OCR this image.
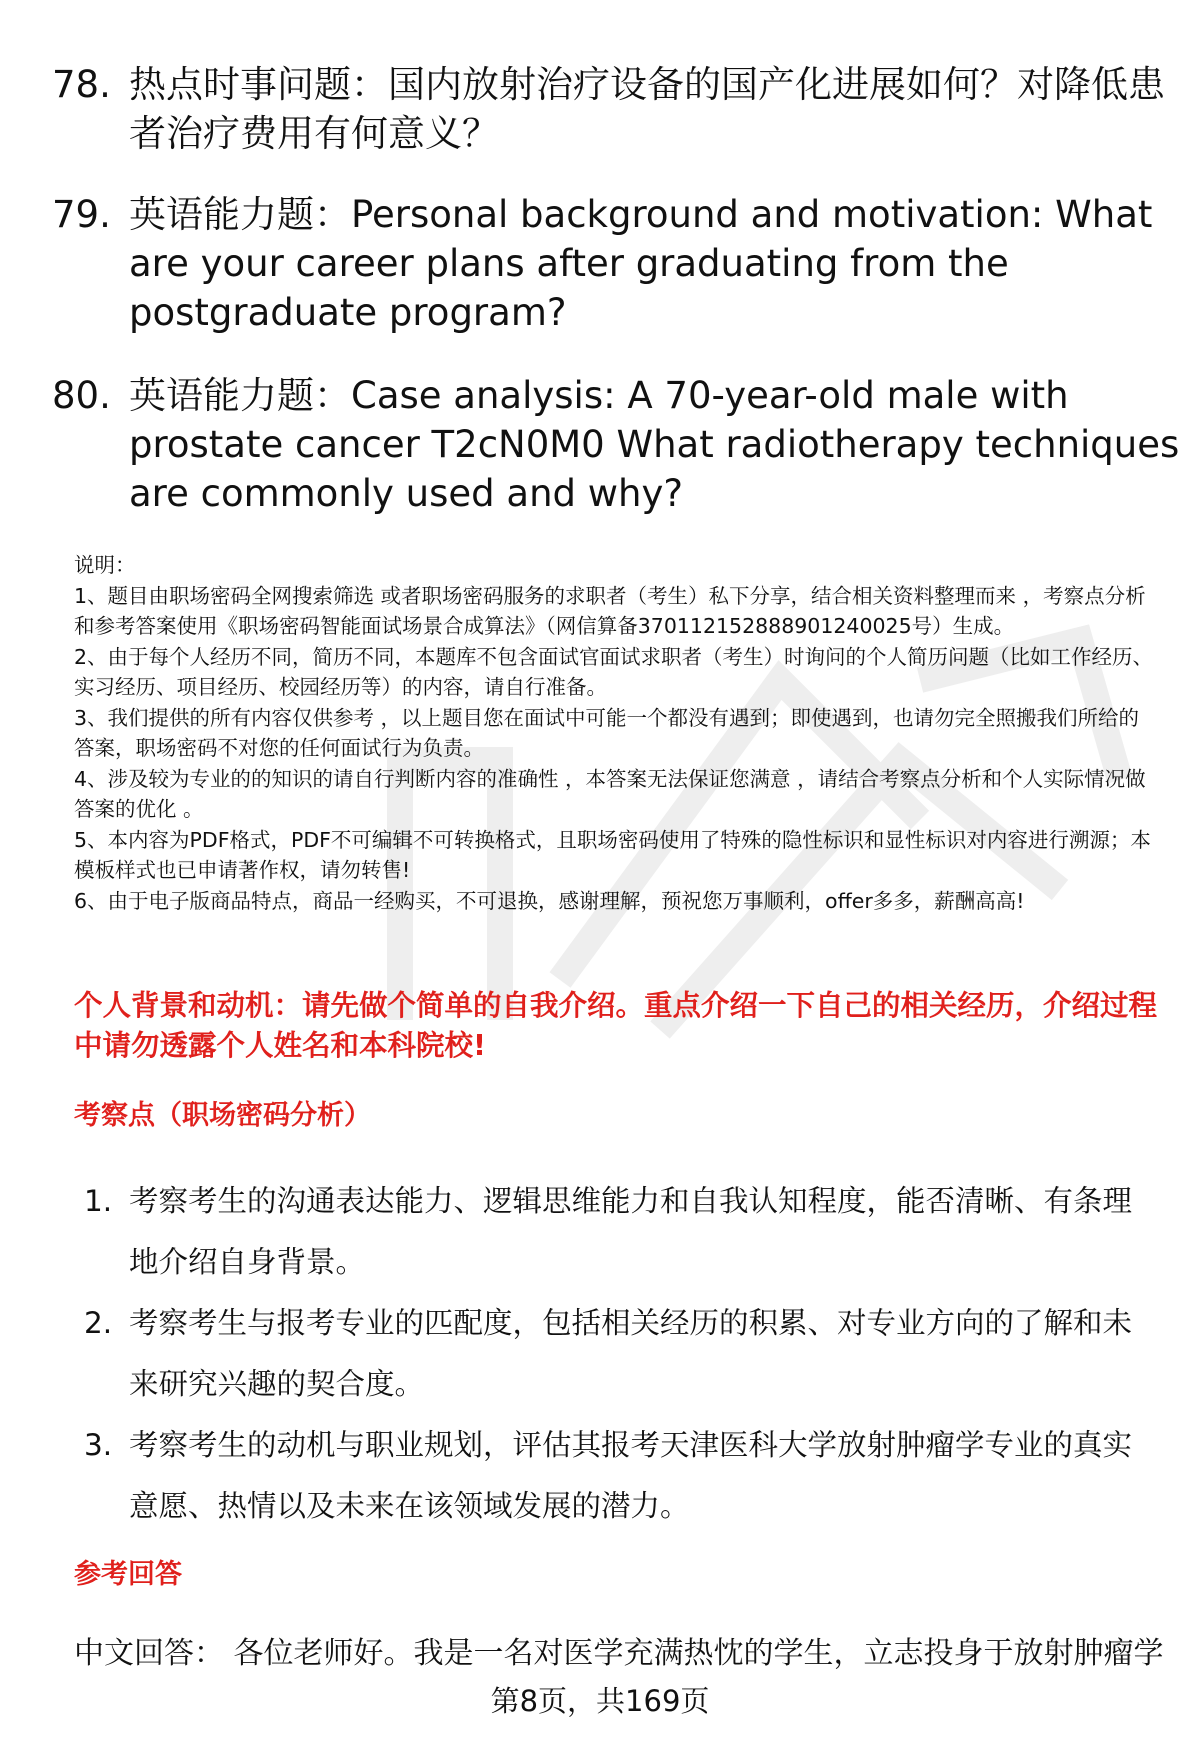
78. 热点时事问题：国内放射治疗设备的国产化进展如何？对降低患者治疗费用有何意义？
79. 英语能力题：Personal background and motivation: What are your career plans after graduating from the postgraduate program?
80. 英语能力题：Case analysis: A 70-year-old male with prostate cancer T2cN0M0 What radiotherapy techniques are commonly used and why?
说明：
1、题目由职场密码全网搜索筛选 或者职场密码服务的求职者（考生）私下分享，结合相关资料整理而来 ，考察点分析和参考答案使用《职场密码智能面试场景合成算法》（网信算备370112152888901240025号）生成。
2、由于每个人经历不同，简历不同，本题库不包含面试官面试求职者（考生）时询问的个人简历问题（比如工作经历、实习经历、项目经历、校园经历等）的内容，请自行准备。
3、我们提供的所有内容仅供参考 ，以上题目您在面试中可能一个都没有遇到；即使遇到，也请勿完全照搬我们所给的答案，职场密码不对您的任何面试行为负责。
4、涉及较为专业的的知识的请自行判断内容的准确性 ，本答案无法保证您满意 ，请结合考察点分析和个人实际情况做答案的优化 。
5、本内容为PDF格式，PDF不可编辑不可转换格式，且职场密码使用了特殊的隐性标识和显性标识对内容进行溯源；本模板样式也已申请著作权，请勿转售!
6、由于电子版商品特点，商品一经购买，不可退换，感谢理解，预祝您万事顺利，offer多多，薪酬高高!
个人背景和动机：请先做个简单的自我介绍。重点介绍一下自己的相关经历，介绍过程中请勿透露个人姓名和本科院校!
考察点（职场密码分析）
1. 考察考生的沟通表达能力、逻辑思维能力和自我认知程度，能否清晰、有条理地介绍自身背景。
2. 考察考生与报考专业的匹配度，包括相关经历的积累、对专业方向的了解和未来研究兴趣的契合度。
3. 考察考生的动机与职业规划，评估其报考天津医科大学放射肿瘤学专业的真实意愿、热情以及未来在该领域发展的潜力。
参考回答
中文回答： 各位老师好。我是一名对医学充满热忱的学生，立志投身于放射肿瘤学
第8页，共169页
